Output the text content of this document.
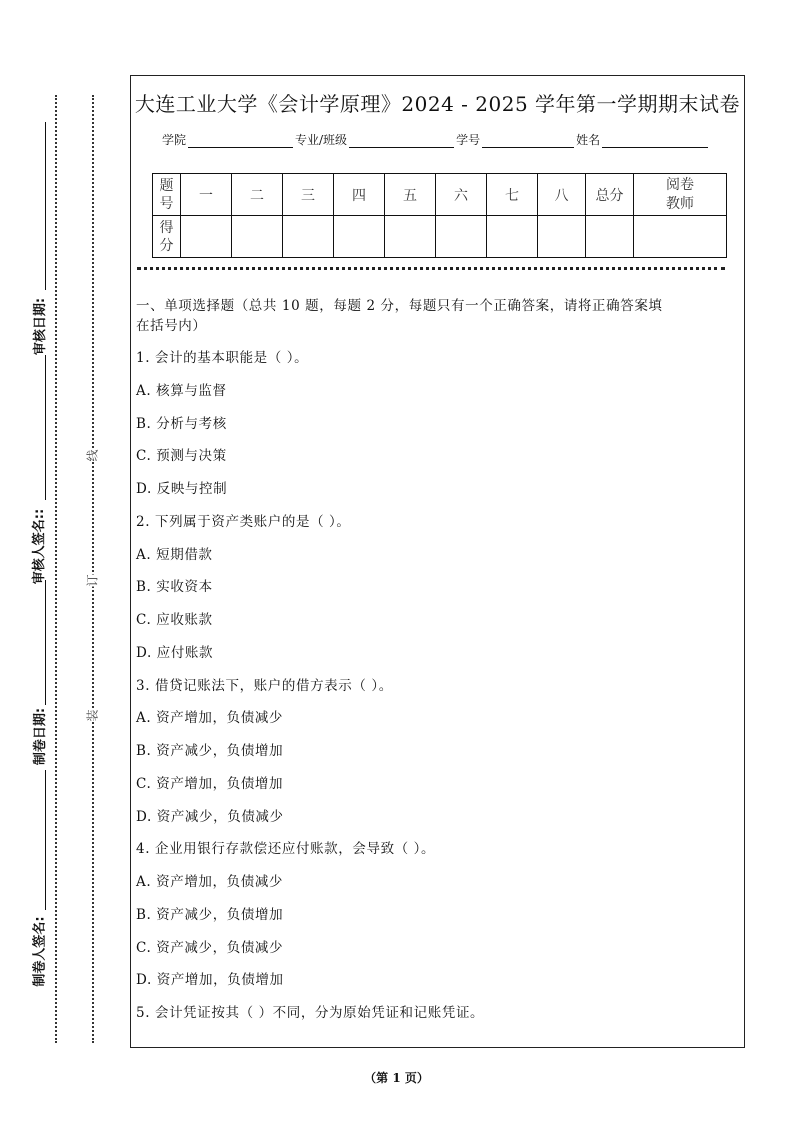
审核日期:
审核人签名::
制卷日期:
制卷人签名:
线
订
装
大连工业大学《会计学原理》2024 - 2025 学年第一学期期末试卷
学院	专业/班级	学号	姓名
题号	一	二	三	四	五	六	七	八	总分	阅卷教师
得分										
一、单项选择题（总共 10 题，每题 2 分，每题只有一个正确答案，请将正确答案填
在括号内）
1. 会计的基本职能是（ ）。
A. 核算与监督
B. 分析与考核
C. 预测与决策
D. 反映与控制
2. 下列属于资产类账户的是（ ）。
A. 短期借款
B. 实收资本
C. 应收账款
D. 应付账款
3. 借贷记账法下，账户的借方表示（ ）。
A. 资产增加，负债减少
B. 资产减少，负债增加
C. 资产增加，负债增加
D. 资产减少，负债减少
4. 企业用银行存款偿还应付账款，会导致（ ）。
A. 资产增加，负债减少
B. 资产减少，负债增加
C. 资产减少，负债减少
D. 资产增加，负债增加
5. 会计凭证按其（ ）不同，分为原始凭证和记账凭证。
（第 1 页）
